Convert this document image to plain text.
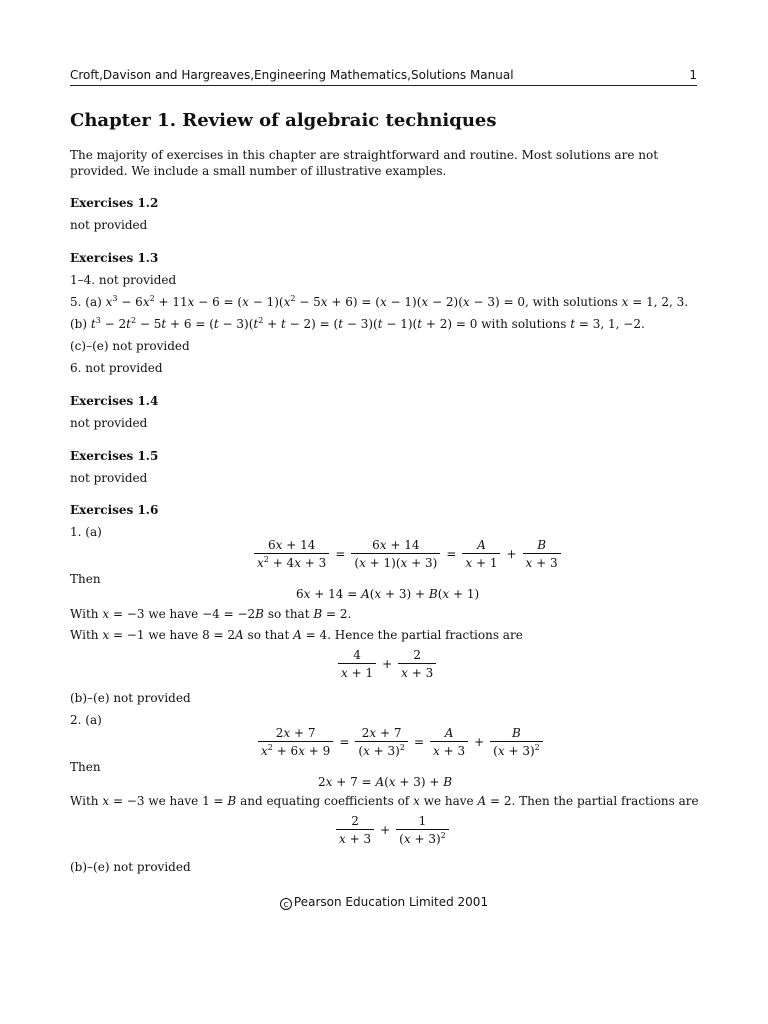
Croft,Davison and Hargreaves,Engineering Mathematics,Solutions Manual	1
Chapter 1. Review of algebraic techniques
The majority of exercises in this chapter are straightforward and routine. Most solutions are not provided. We include a small number of illustrative examples.
Exercises 1.2
not provided
Exercises 1.3
1–4. not provided
5. (a) $x^3 - 6x^2 + 11x - 6 = (x - 1)(x^2 - 5x + 6) = (x - 1)(x - 2)(x - 3) = 0$, with solutions x = 1, 2, 3.
(b) $t^3 - 2t^2 - 5t + 6 = (t - 3)(t^2 + t - 2) = (t - 3)(t - 1)(t + 2) = 0$ with solutions t = 3, 1, −2.
(c)–(e) not provided
6. not provided
Exercises 1.4
not provided
Exercises 1.5
not provided
Exercises 1.6
1. (a)
$\frac{6x + 14}{x^2 + 4x + 3} = \frac{6x + 14}{(x + 1)(x + 3)} = \frac{A}{x + 1} + \frac{B}{x + 3}$
Then
6x + 14 = A(x + 3) + B(x + 1)
With x = −3 we have −4 = −2B so that B = 2.
With x = −1 we have 8 = 2A so that A = 4. Hence the partial fractions are
$\frac{4}{x + 1} + \frac{2}{x + 3}$
(b)–(e) not provided
2. (a)
$\frac{2x + 7}{x^2 + 6x + 9} = \frac{2x + 7}{(x + 3)^2} = \frac{A}{x + 3} + \frac{B}{(x + 3)^2}$
Then
2x + 7 = A(x + 3) + B
With x = −3 we have 1 = B and equating coefficients of x we have A = 2. Then the partial fractions are
$\frac{2}{x + 3} + \frac{1}{(x + 3)^2}$
(b)–(e) not provided
c Pearson Education Limited 2001
